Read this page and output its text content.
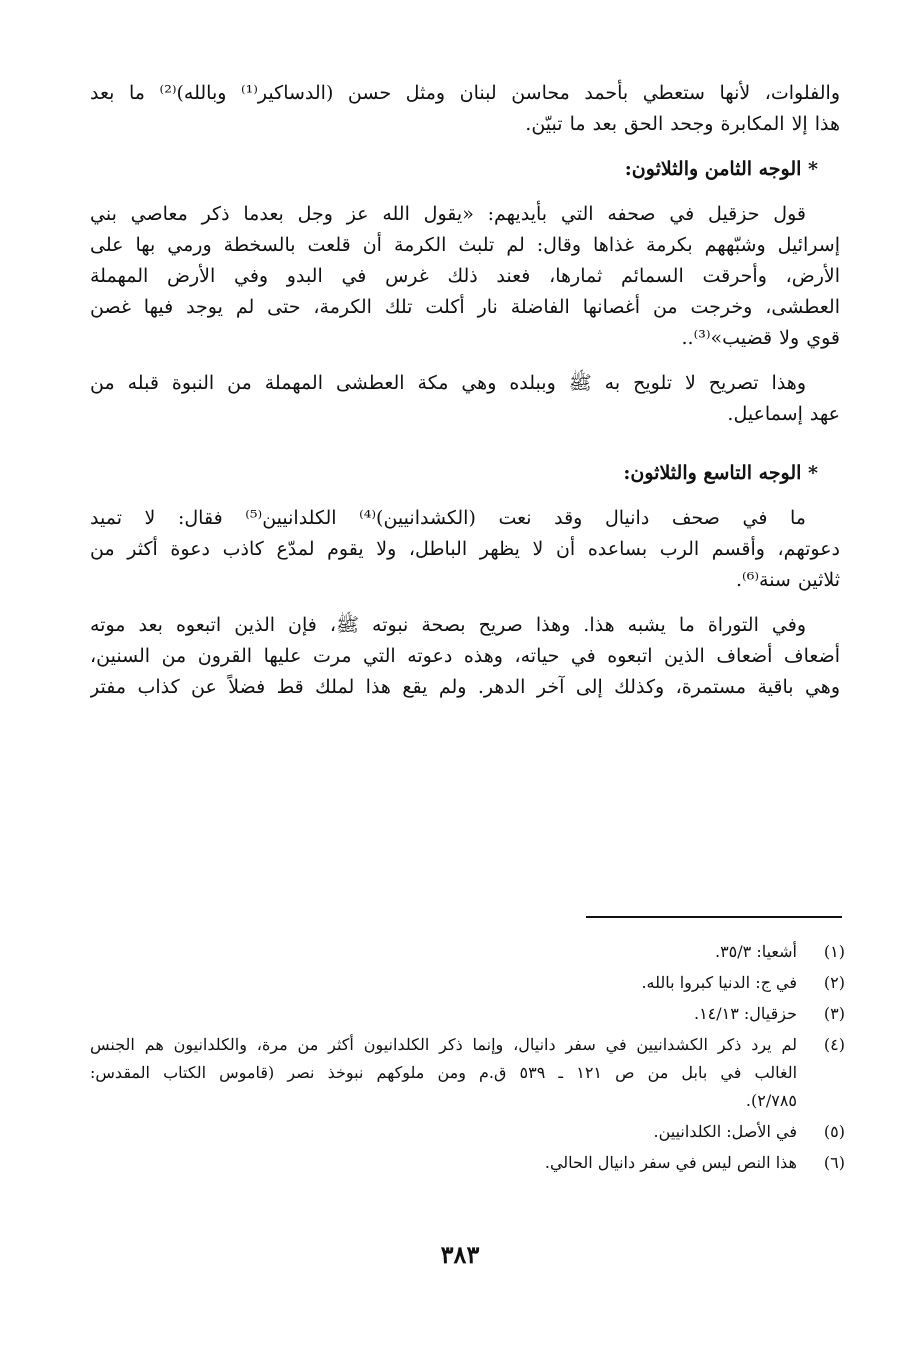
والفلوات، لأنها ستعطي بأحمد محاسن لبنان ومثل حسن (الدساكير⁽¹⁾ وبالله)⁽²⁾ ما بعد
هذا إلا المكابرة وجحد الحق بعد ما تبيّن.
* الوجه الثامن والثلاثون:
قول حزقيل في صحفه التي بأيديهم: «يقول الله عز وجل بعدما ذكر معاصي بني
إسرائيل وشبّههم بكرمة غذاها وقال: لم تلبث الكرمة أن قلعت بالسخطة ورمي بها على
الأرض، وأحرقت السمائم ثمارها، فعند ذلك غرس في البدو وفي الأرض المهملة
العطشى، وخرجت من أغصانها الفاضلة نار أكلت تلك الكرمة، حتى لم يوجد فيها غصن
قوي ولا قضيب»⁽³⁾..
وهذا تصريح لا تلويح به ﷺ وببلده وهي مكة العطشى المهملة من النبوة قبله من
عهد إسماعيل.
* الوجه التاسع والثلاثون:
ما في صحف دانيال وقد نعت (الكشدانيين)⁽⁴⁾ الكلدانيين⁽⁵⁾ فقال: لا تميد
دعوتهم، وأقسم الرب بساعده أن لا يظهر الباطل، ولا يقوم لمدّع كاذب دعوة أكثر من
ثلاثين سنة⁽⁶⁾.
وفي التوراة ما يشبه هذا. وهذا صريح بصحة نبوته ﷺ، فإن الذين اتبعوه بعد موته
أضعاف أضعاف الذين اتبعوه في حياته، وهذه دعوته التي مرت عليها القرون من السنين،
وهي باقية مستمرة، وكذلك إلى آخر الدهر. ولم يقع هذا لملك قط فضلاً عن كذاب مفتر
(١)
أشعيا: ٣٥/٣.
(٢)
في ج: الدنيا كبروا بالله.
(٣)
حزقيال: ١٤/١٣.
(٤)
لم يرد ذكر الكشدانيين في سفر دانيال، وإنما ذكر الكلدانيون أكثر من مرة، والكلدانيون هم الجنس
الغالب في بابل من ص ١٢١ ـ ٥٣٩ ق.م ومن ملوكهم نبوخذ نصر (قاموس الكتاب المقدس:
٢/٧٨٥).
(٥)
في الأصل: الكلدانيين.
(٦)
هذا النص ليس في سفر دانيال الحالي.
٣٨٣
